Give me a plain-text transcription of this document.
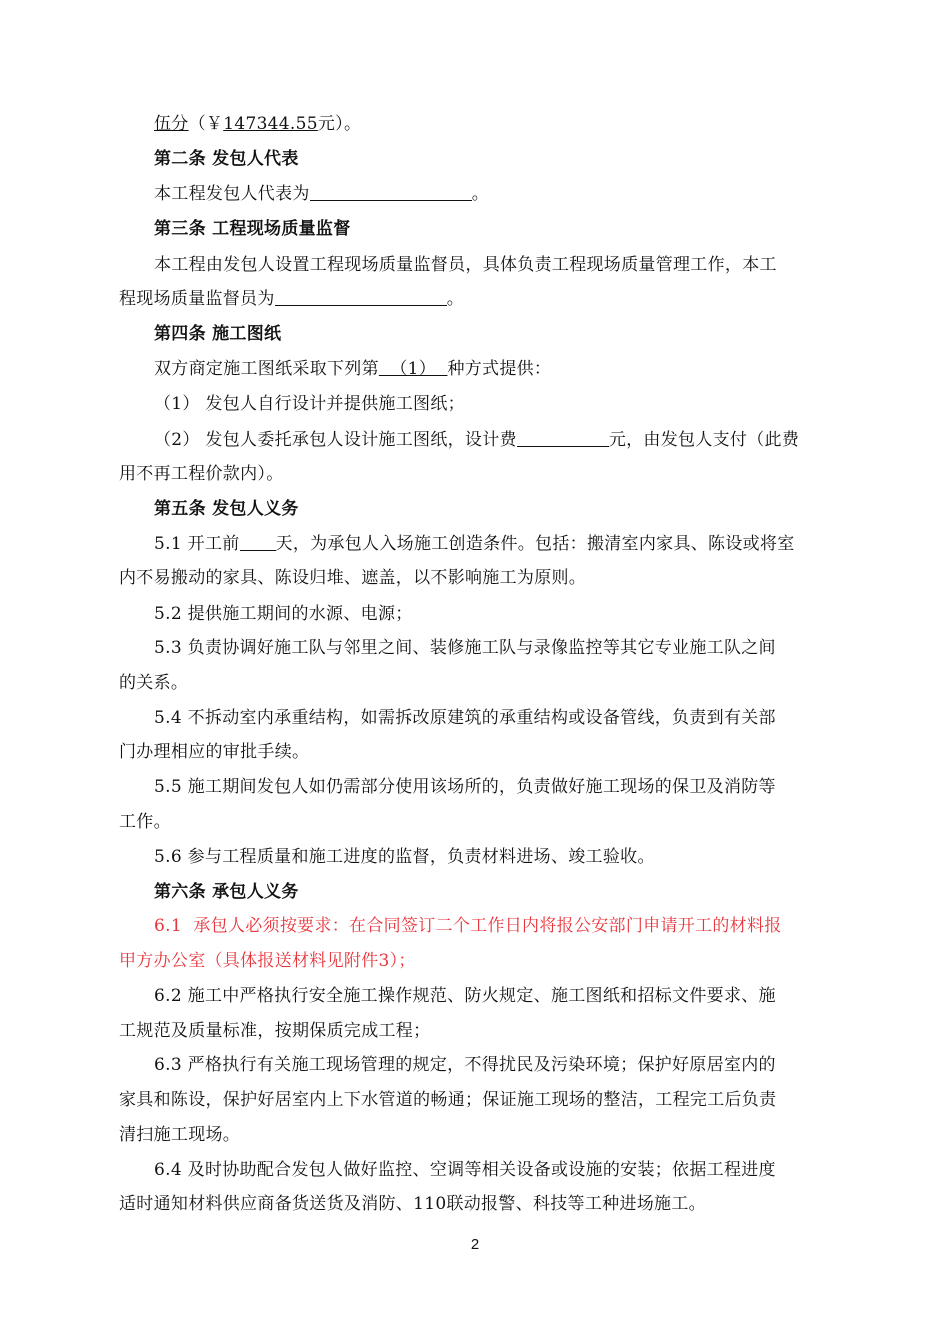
伍分（￥147344.55元）。
第二条 发包人代表
本工程发包人代表为	。
第三条 工程现场质量监督
本工程由发包人设置工程现场质量监督员，具体负责工程现场质量管理工作，本工
程现场质量监督员为	。
第四条 施工图纸
双方商定施工图纸采取下列第  （1）  种方式提供：
（1） 发包人自行设计并提供施工图纸；
（2） 发包人委托承包人设计施工图纸，设计费	元，由发包人支付（此费
用不再工程价款内）。
第五条 发包人义务
5.1 开工前 天，为承包人入场施工创造条件。包括：搬清室内家具、陈设或将室
内不易搬动的家具、陈设归堆、遮盖，以不影响施工为原则。
5.2 提供施工期间的水源、电源；
5.3 负责协调好施工队与邻里之间、装修施工队与录像监控等其它专业施工队之间
的关系。
5.4 不拆动室内承重结构，如需拆改原建筑的承重结构或设备管线，负责到有关部
门办理相应的审批手续。
5.5 施工期间发包人如仍需部分使用该场所的，负责做好施工现场的保卫及消防等
工作。
5.6 参与工程质量和施工进度的监督，负责材料进场、竣工验收。
第六条 承包人义务
6.1  承包人必须按要求：在合同签订二个工作日内将报公安部门申请开工的材料报
甲方办公室（具体报送材料见附件3）；
6.2 施工中严格执行安全施工操作规范、防火规定、施工图纸和招标文件要求、施
工规范及质量标准，按期保质完成工程；
6.3 严格执行有关施工现场管理的规定，不得扰民及污染环境；保护好原居室内的
家具和陈设，保护好居室内上下水管道的畅通；保证施工现场的整洁，工程完工后负责
清扫施工现场。
6.4 及时协助配合发包人做好监控、空调等相关设备或设施的安装；依据工程进度
适时通知材料供应商备货送货及消防、110联动报警、科技等工种进场施工。
2
